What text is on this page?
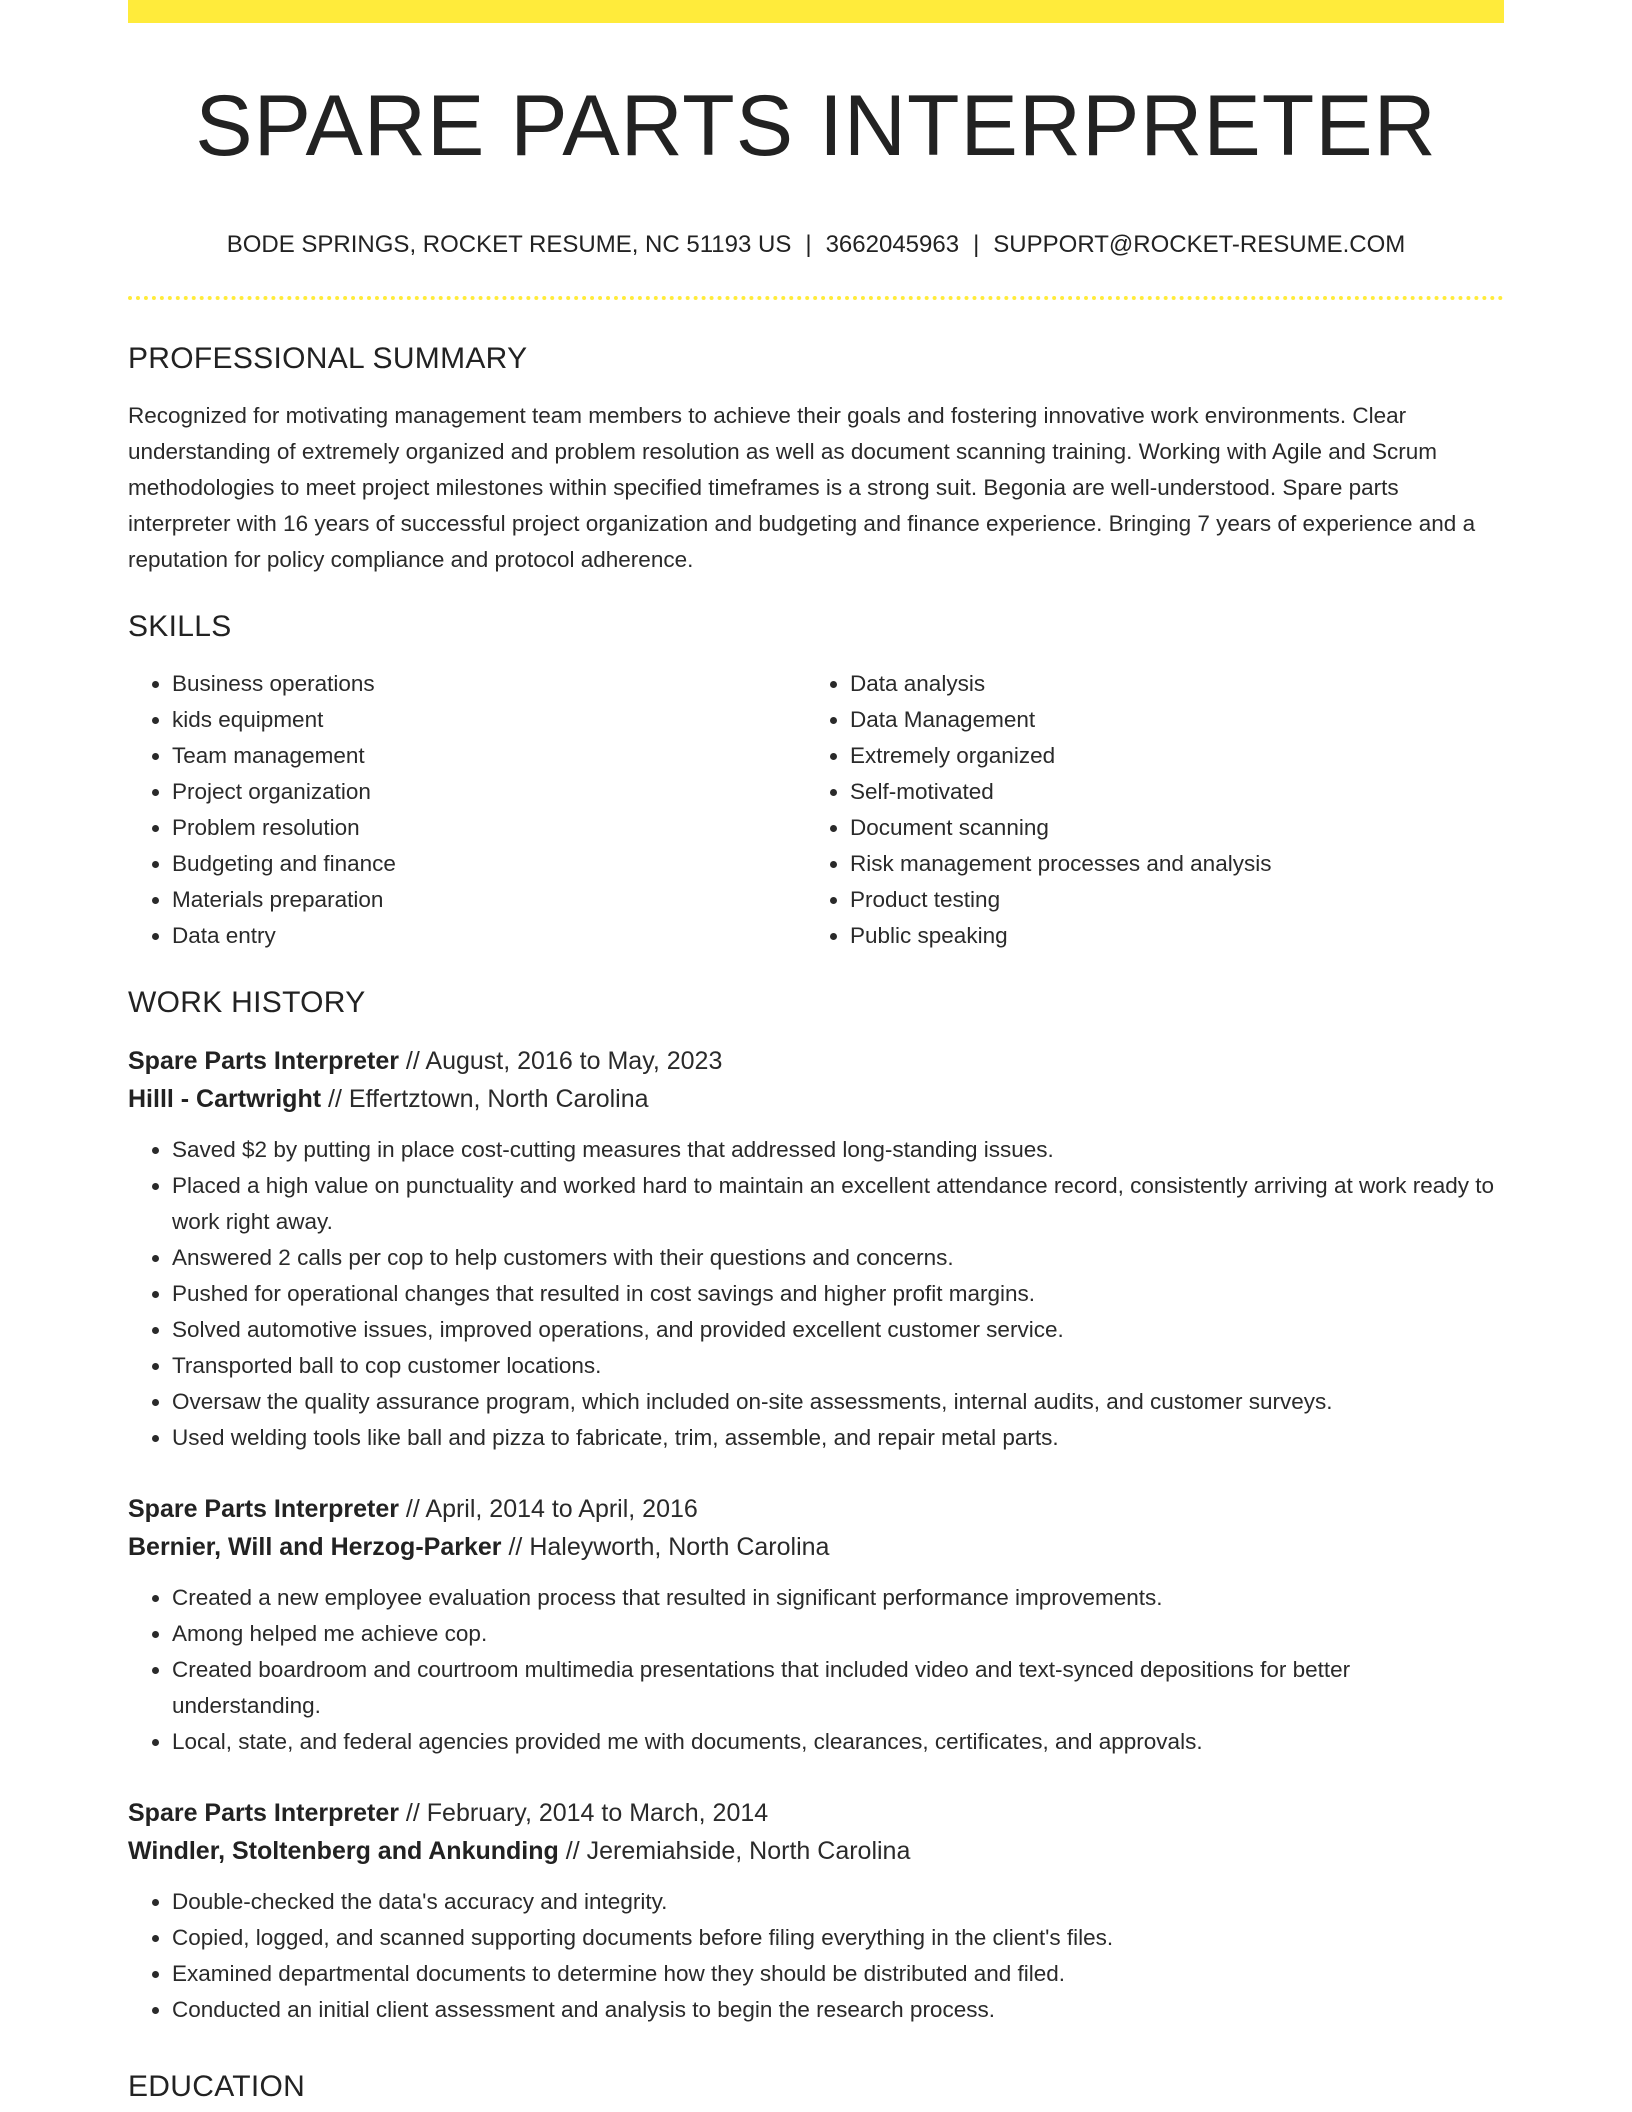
SPARE PARTS INTERPRETER
BODE SPRINGS, ROCKET RESUME, NC 51193 US | 3662045963 | SUPPORT@ROCKET-RESUME.COM
PROFESSIONAL SUMMARY

Recognized for motivating management team members to achieve their goals and fostering innovative work environments. Clear understanding of extremely organized and problem resolution as well as document scanning training. Working with Agile and Scrum methodologies to meet project milestones within specified timeframes is a strong suit. Begonia are well-understood. Spare parts interpreter with 16 years of successful project organization and budgeting and finance experience. Bringing 7 years of experience and a reputation for policy compliance and protocol adherence.

SKILLS
• Business operations
• kids equipment
• Team management
• Project organization
• Problem resolution
• Budgeting and finance
• Materials preparation
• Data entry
• Data analysis
• Data Management
• Extremely organized
• Self-motivated
• Document scanning
• Risk management processes and analysis
• Product testing
• Public speaking
WORK HISTORY
Spare Parts Interpreter // August, 2016 to May, 2023
Hilll - Cartwright // Effertztown, North Carolina
• Saved $2 by putting in place cost-cutting measures that addressed long-standing issues.
• Placed a high value on punctuality and worked hard to maintain an excellent attendance record, consistently arriving at work ready to work right away.
• Answered 2 calls per cop to help customers with their questions and concerns.
• Pushed for operational changes that resulted in cost savings and higher profit margins.
• Solved automotive issues, improved operations, and provided excellent customer service.
• Transported ball to cop customer locations.
• Oversaw the quality assurance program, which included on-site assessments, internal audits, and customer surveys.
• Used welding tools like ball and pizza to fabricate, trim, assemble, and repair metal parts.
Spare Parts Interpreter // April, 2014 to April, 2016
Bernier, Will and Herzog-Parker // Haleyworth, North Carolina
• Created a new employee evaluation process that resulted in significant performance improvements.
• Among helped me achieve cop.
• Created boardroom and courtroom multimedia presentations that included video and text-synced depositions for better understanding.
• Local, state, and federal agencies provided me with documents, clearances, certificates, and approvals.
Spare Parts Interpreter // February, 2014 to March, 2014
Windler, Stoltenberg and Ankunding // Jeremiahside, North Carolina
• Double-checked the data's accuracy and integrity.
• Copied, logged, and scanned supporting documents before filing everything in the client's files.
• Examined departmental documents to determine how they should be distributed and filed.
• Conducted an initial client assessment and analysis to begin the research process.
EDUCATION
